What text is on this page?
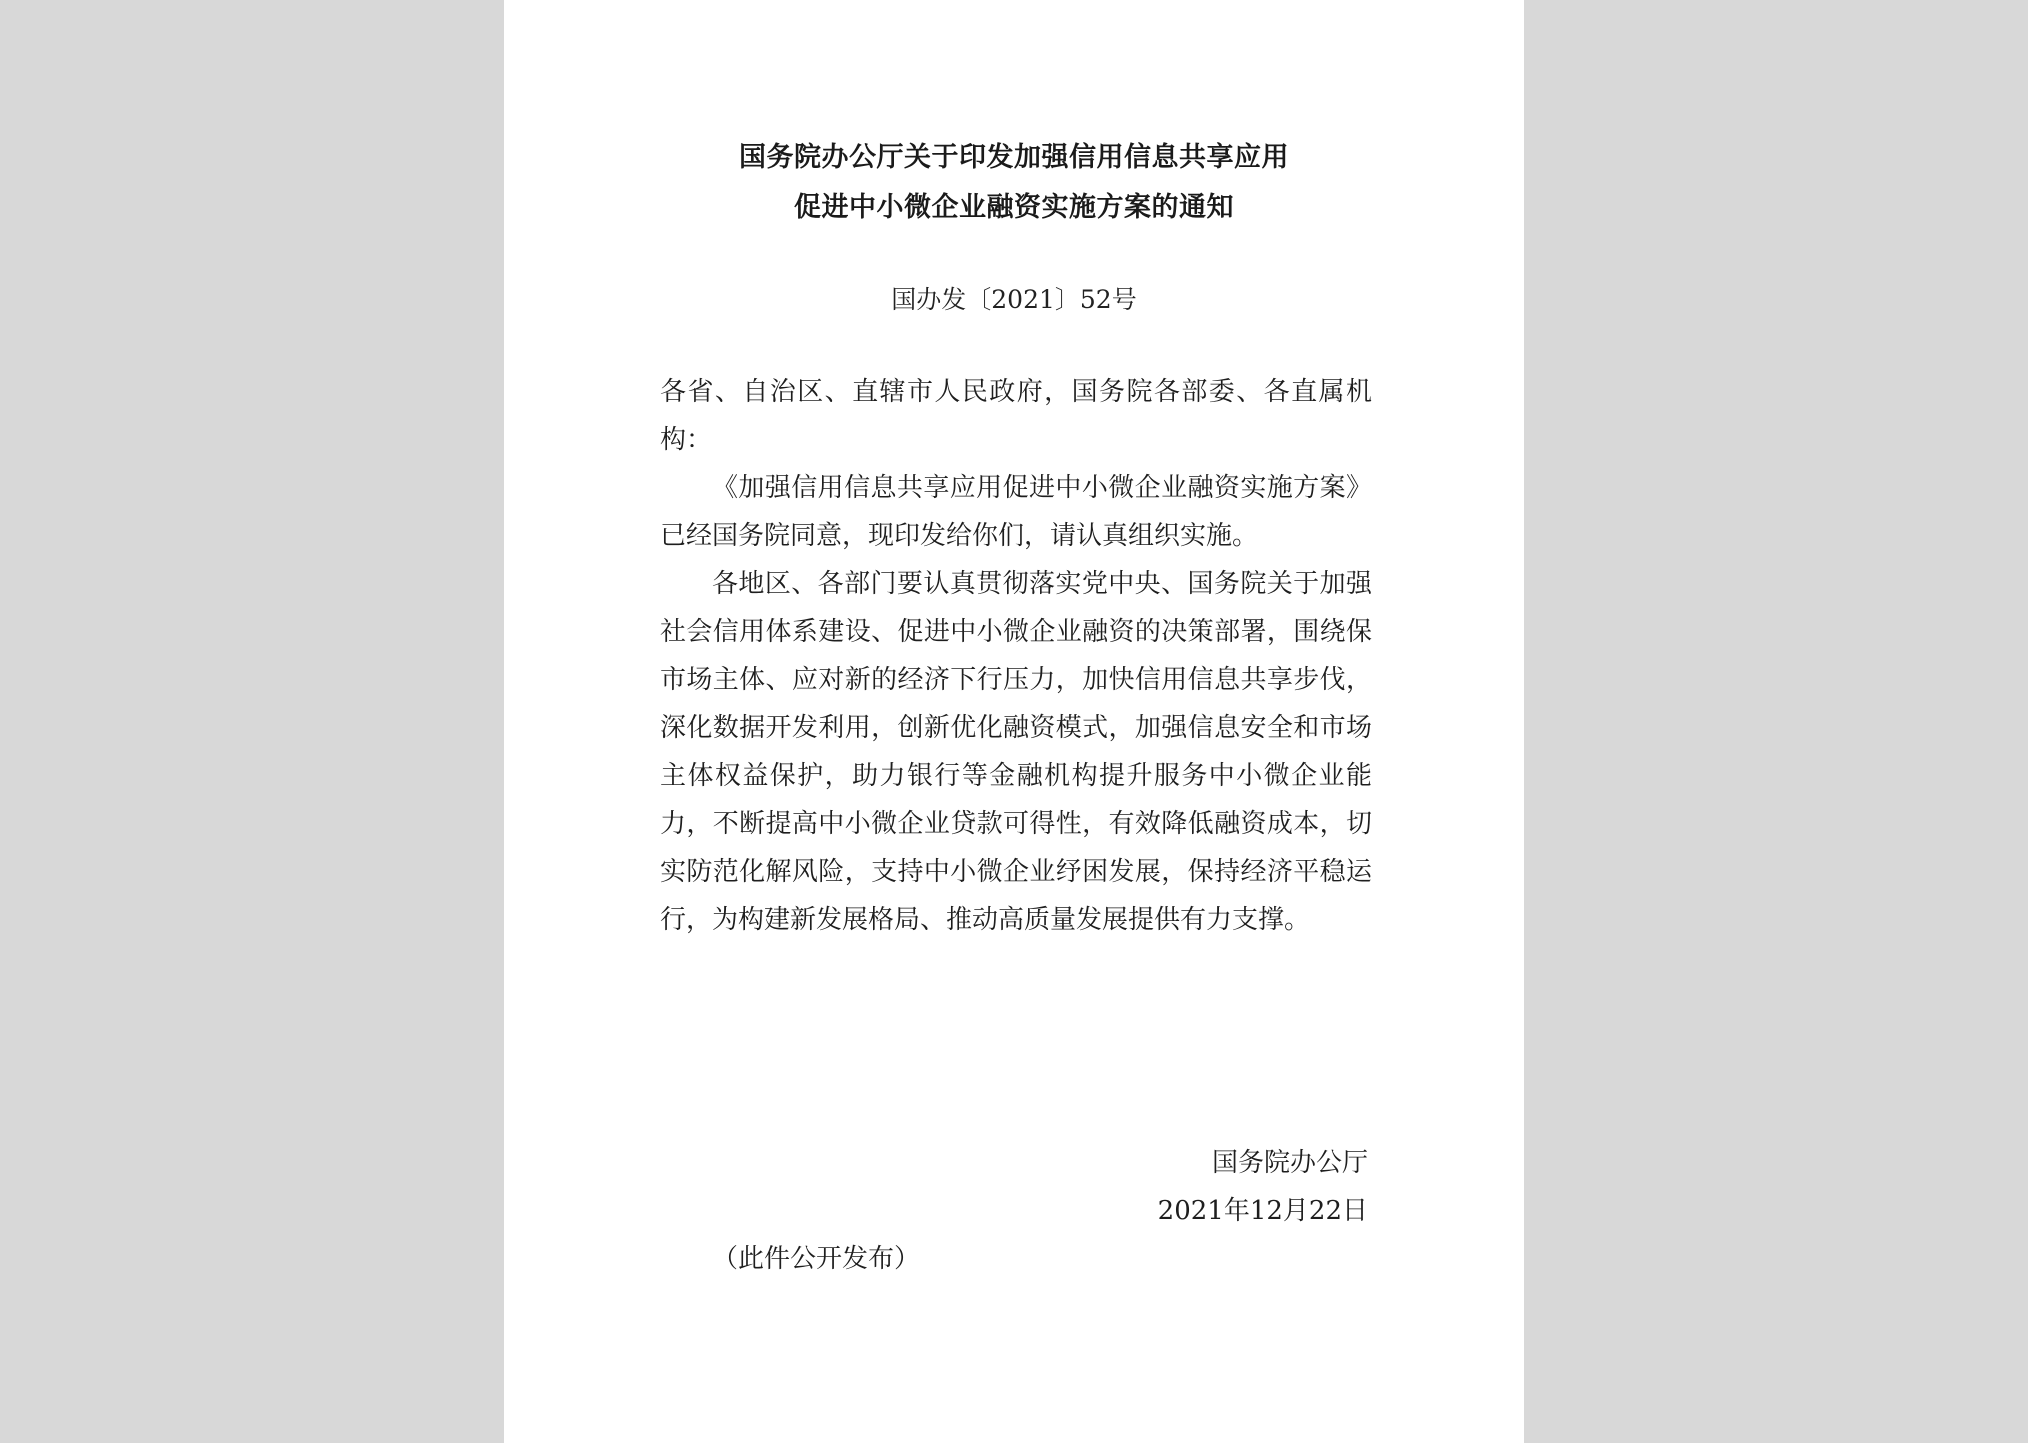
国务院办公厅关于印发加强信用信息共享应用
促进中小微企业融资实施方案的通知
国办发〔2021〕52号
各省、自治区、直辖市人民政府，国务院各部委、各直属机构：
《加强信用信息共享应用促进中小微企业融资实施方案》已经国务院同意，现印发给你们，请认真组织实施。
各地区、各部门要认真贯彻落实党中央、国务院关于加强社会信用体系建设、促进中小微企业融资的决策部署，围绕保市场主体、应对新的经济下行压力，加快信用信息共享步伐，深化数据开发利用，创新优化融资模式，加强信息安全和市场主体权益保护，助力银行等金融机构提升服务中小微企业能力，不断提高中小微企业贷款可得性，有效降低融资成本，切实防范化解风险，支持中小微企业纾困发展，保持经济平稳运行，为构建新发展格局、推动高质量发展提供有力支撑。
国务院办公厅
2021年12月22日
（此件公开发布）
